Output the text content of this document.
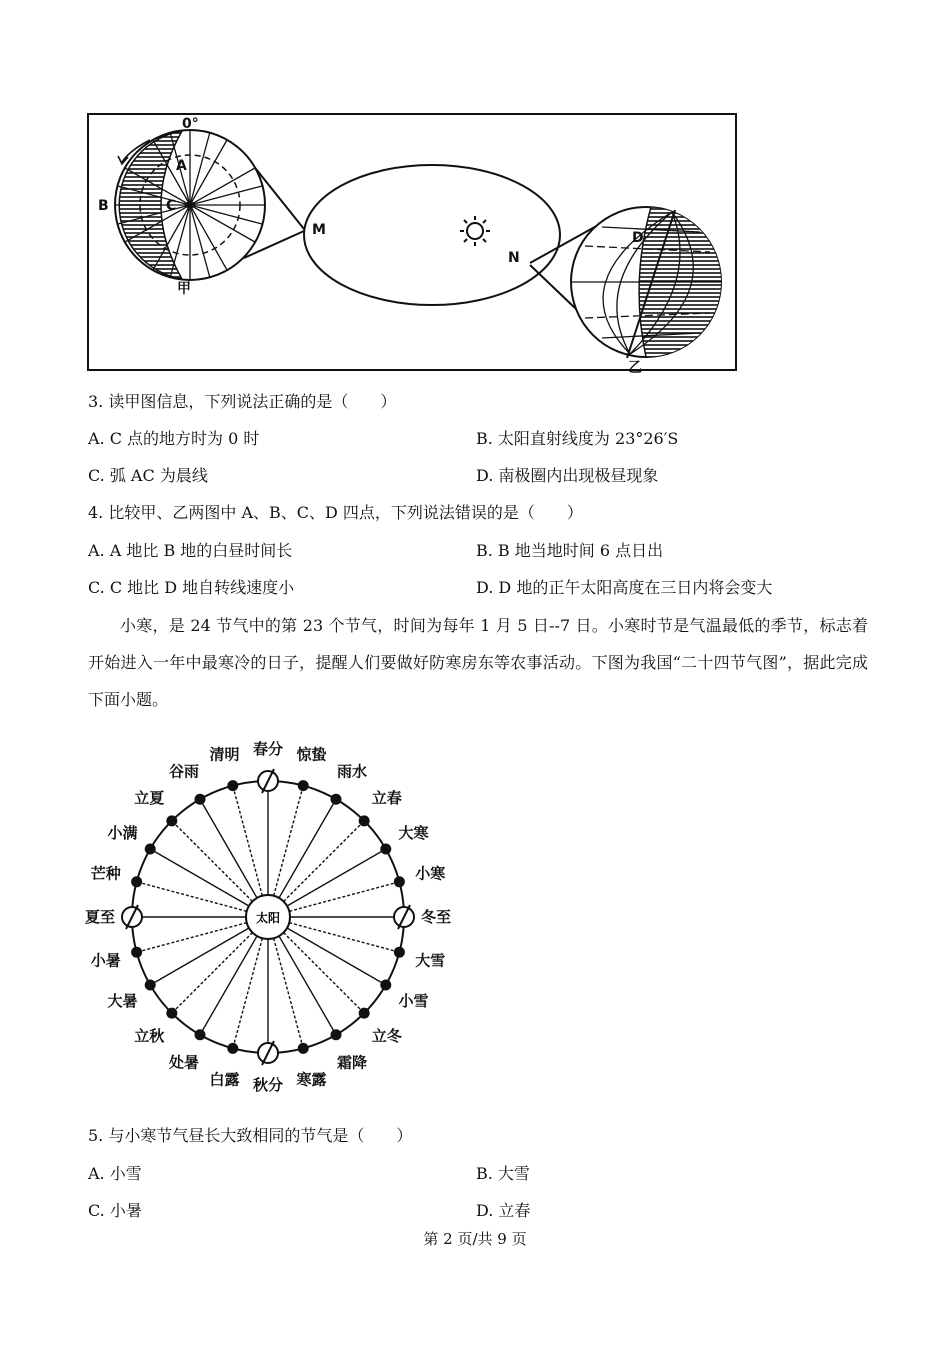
0°
A
B	C
M
N
甲
D
乙
3. 读甲图信息，下列说法正确的是（　　）
A. C 点的地方时为 0 时	B. 太阳直射线度为 23°26′S
C. 弧 AC 为晨线	D. 南极圈内出现极昼现象
4. 比较甲、乙两图中 A、B、C、D 四点，下列说法错误的是（　　）
A. A 地比 B 地的白昼时间长	B. B 地当地时间 6 点日出
C. C 地比 D 地自转线速度小	D. D 地的正午太阳高度在三日内将会变大
小寒，是 24 节气中的第 23 个节气，时间为每年 1 月 5 日--7 日。小寒时节是气温最低的季节，标志着开始进入一年中最寒冷的日子，提醒人们要做好防寒房东等农事活动。下图为我国“二十四节气图”，据此完成下面小题。
太阳
春分 惊蛰
雨水
立春
大寒
小寒
冬至
大雪
小雪
立冬
霜降
寒露
秋分
白露
处暑
立秋
大暑
小暑
夏至
芒种
小满
立夏
谷雨
清明
5. 与小寒节气昼长大致相同的节气是（　　）
A. 小雪	B. 大雪
C. 小暑	D. 立春
第 2 页/共 9 页
